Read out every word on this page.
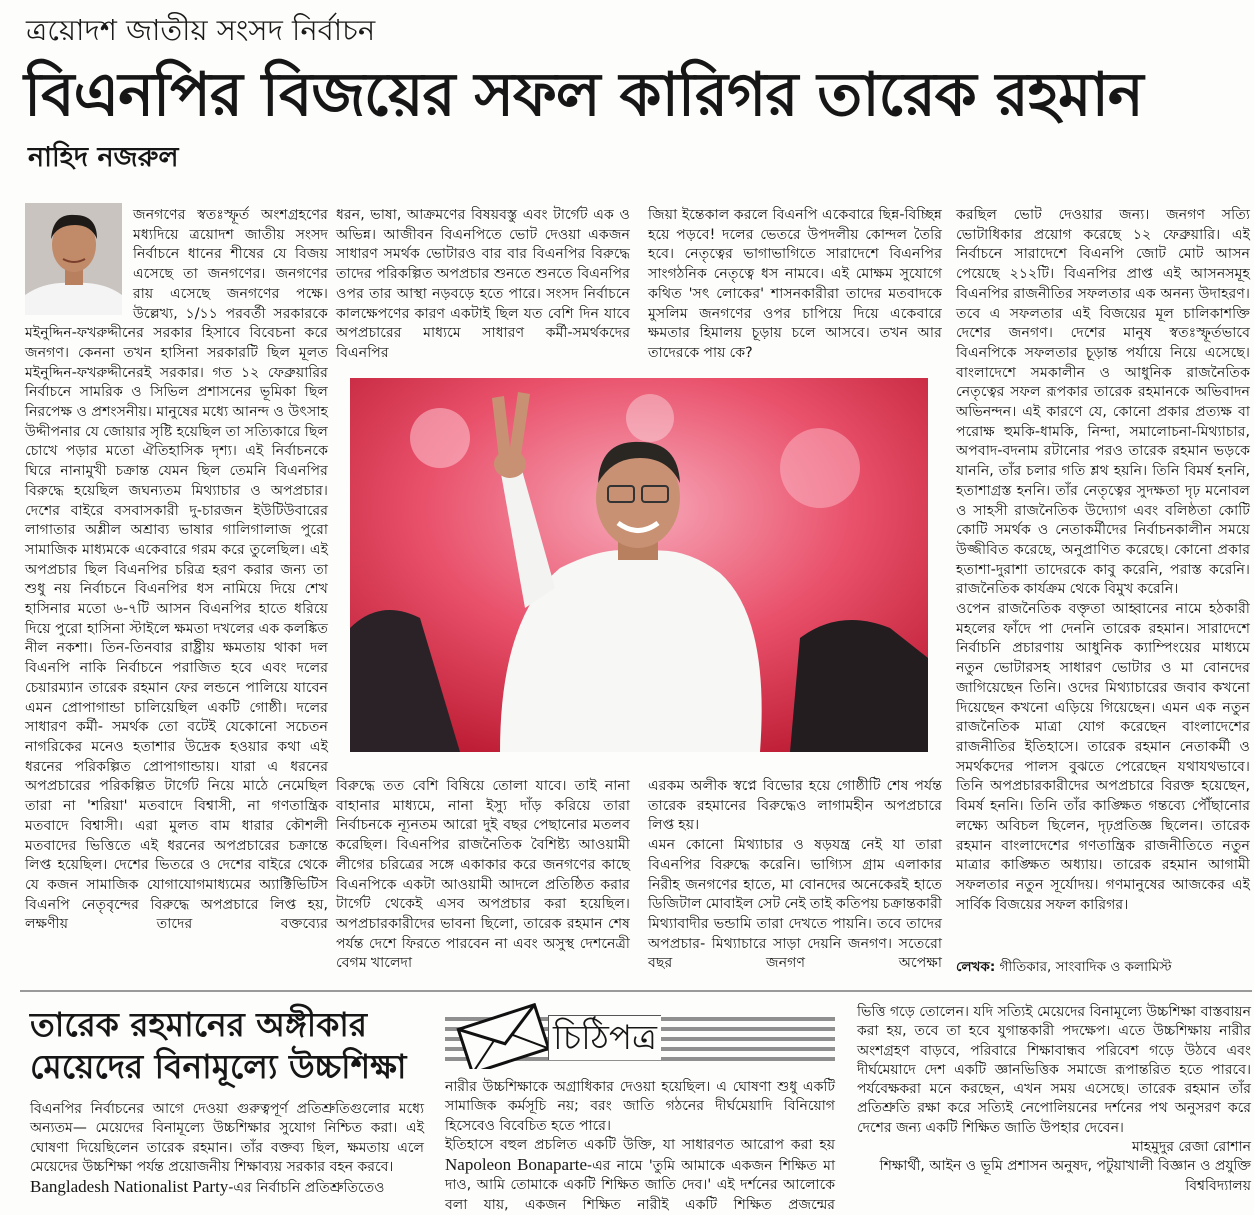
ত্রয়োদশ জাতীয় সংসদ নির্বাচন
বিএনপির বিজয়ের সফল কারিগর তারেক রহমান
নাহিদ নজরুল

জনগণের স্বতঃস্ফূর্ত অংশগ্রহণের মধ্যদিয়ে ত্রয়োদশ জাতীয় সংসদ নির্বাচনে ধানের শীষের যে বিজয় এসেছে তা জনগণের। জনগণের রায় এসেছে জনগণের পক্ষে। উল্লেখ্য, ১/১১ পরবর্তী সরকারকে মইনুদ্দিন-ফখরুদ্দীনের সরকার হিসাবে বিবেচনা করে জনগণ। কেননা তখন হাসিনা সরকারটি ছিল মূলত মইনুদ্দিন-ফখরুদ্দীনেরই সরকার। গত ১২ ফেব্রুয়ারির নির্বাচনে সামরিক ও সিভিল প্রশাসনের ভূমিকা ছিল নিরপেক্ষ ও প্রশংসনীয়। মানুষের মধ্যে আনন্দ ও উৎসাহ উদ্দীপনার যে জোয়ার সৃষ্টি হয়েছিল তা সত্যিকারে ছিল চোখে পড়ার মতো ঐতিহাসিক দৃশ্য। এই নির্বাচনকে ঘিরে নানামুখী চক্রান্ত যেমন ছিল তেমনি বিএনপির বিরুদ্ধে হয়েছিল জঘন্যতম মিথ্যাচার ও অপপ্রচার। দেশের বাইরে বসবাসকারী দু-চারজন ইউটিউবারের লাগাতার অশ্লীল অশ্রাব্য ভাষার গালিগালাজ পুরো সামাজিক মাধ্যমকে একেবারে গরম করে তুলেছিল। এই অপপ্রচার ছিল বিএনপির চরিত্র হরণ করার জন্য তা শুধু নয় নির্বাচনে বিএনপির ধস নামিয়ে দিয়ে শেখ হাসিনার মতো ৬-৭টি আসন বিএনপির হাতে ধরিয়ে দিয়ে পুরো হাসিনা স্টাইলে ক্ষমতা দখলের এক কলঙ্কিত নীল নকশা। তিন-তিনবার রাষ্ট্রীয় ক্ষমতায় থাকা দল বিএনপি নাকি নির্বাচনে পরাজিত হবে এবং দলের চেয়ারম্যান তারেক রহমান ফের লন্ডনে পালিয়ে যাবেন এমন প্রোপাগান্ডা চালিয়েছিল একটি গোষ্ঠী। দলের সাধারণ কর্মী- সমর্থক তো বটেই যেকোনো সচেতন নাগরিকের মনেও হতাশার উদ্রেক হওয়ার কথা এই ধরনের পরিকল্পিত প্রোপাগান্ডায়। যারা এ ধরনের অপপ্রচারের পরিকল্পিত টার্গেট নিয়ে মাঠে নেমেছিল তারা না 'শরিয়া' মতবাদে বিশ্বাসী, না গণতান্ত্রিক মতবাদে বিশ্বাসী। এরা মুলত বাম ধারার কৌশলী মতবাদের ভিত্তিতে এই ধরনের অপপ্রচারের চক্রান্তে লিপ্ত হয়েছিল। দেশের ভিতরে ও দেশের বাইরে থেকে যে কজন সামাজিক যোগাযোগমাধ্যমের অ্যাক্টিভিটিস বিএনপি নেতৃবৃন্দের বিরুদ্ধে অপপ্রচারে লিপ্ত হয়, লক্ষণীয় তাদের বক্তব্যের

ধরন, ভাষা, আক্রমণের বিষয়বস্তু এবং টার্গেট এক ও অভিন্ন। আজীবন বিএনপিতে ভোট দেওয়া একজন সাধারণ সমর্থক ভোটারও বার বার বিএনপির বিরুদ্ধে তাদের পরিকল্পিত অপপ্রচার শুনতে শুনতে বিএনপির ওপর তার আস্থা নড়বড়ে হতে পারে। সংসদ নির্বাচনে কালক্ষেপণের কারণ একটাই ছিল যত বেশি দিন যাবে অপপ্রচারের মাধ্যমে সাধারণ কর্মী-সমর্থকদের বিএনপির

জিয়া ইন্তেকাল করলে বিএনপি একেবারে ছিন্ন-বিচ্ছিন্ন হয়ে পড়বে! দলের ভেতরে উপদলীয় কোন্দল তৈরি হবে। নেতৃত্বের ভাগাভাগিতে সারাদেশে বিএনপির সাংগঠনিক নেতৃত্বে ধস নামবে। এই মোক্ষম সুযোগে কথিত 'সৎ লোকের' শাসনকারীরা তাদের মতবাদকে মুসলিম জনগণের ওপর চাপিয়ে দিয়ে একেবারে ক্ষমতার হিমালয় চূড়ায় চলে আসবে। তখন আর তাদেরকে পায় কে?

বিরুদ্ধে তত বেশি বিষিয়ে তোলা যাবে। তাই নানা বাহানার মাধ্যমে, নানা ইস্যু দাঁড় করিয়ে তারা নির্বাচনকে ন্যূনতম আরো দুই বছর পেছানোর মতলব করেছিল। বিএনপির রাজনৈতিক বৈশিষ্ট্য আওয়ামী লীগের চরিত্রের সঙ্গে একাকার করে জনগণের কাছে বিএনপিকে একটা আওয়ামী আদলে প্রতিষ্ঠিত করার টার্গেট থেকেই এসব অপপ্রচার করা হয়েছিল। অপপ্রচারকারীদের ভাবনা ছিলো, তারেক রহমান শেষ পর্যন্ত দেশে ফিরতে পারবেন না এবং অসুস্থ দেশনেত্রী বেগম খালেদা

এরকম অলীক স্বপ্নে বিভোর হয়ে গোষ্ঠীটি শেষ পর্যন্ত তারেক রহমানের বিরুদ্ধেও লাগামহীন অপপ্রচারে লিপ্ত হয়।

এমন কোনো মিথ্যাচার ও ষড়যন্ত্র নেই যা তারা বিএনপির বিরুদ্ধে করেনি। ভাগ্যিস গ্রাম এলাকার নিরীহ জনগণের হাতে, মা বোনদের অনেকেরই হাতে ডিজিটাল মোবাইল সেট নেই তাই কতিপয় চক্রান্তকারী মিথ্যাবাদীর ভন্ডামি তারা দেখতে পায়নি। তবে তাদের অপপ্রচার- মিথ্যাচারে সাড়া দেয়নি জনগণ। সতেরো বছর জনগণ অপেক্ষা

করছিল ভোট দেওয়ার জন্য। জনগণ সত্যি ভোটাধিকার প্রয়োগ করেছে ১২ ফেব্রুয়ারি। এই নির্বাচনে সারাদেশে বিএনপি জোট মোট আসন পেয়েছে ২১২টি। বিএনপির প্রাপ্ত এই আসনসমূহ বিএনপির রাজনীতির সফলতার এক অনন্য উদাহরণ। তবে এ সফলতার এই বিজয়ের মূল চালিকাশক্তি দেশের জনগণ। দেশের মানুষ স্বতঃস্ফূর্তভাবে বিএনপিকে সফলতার চূড়ান্ত পর্যায়ে নিয়ে এসেছে। বাংলাদেশে সমকালীন ও আধুনিক রাজনৈতিক নেতৃত্বের সফল রূপকার তারেক রহমানকে অভিবাদন অভিনন্দন। এই কারণে যে, কোনো প্রকার প্রত্যক্ষ বা পরোক্ষ হুমকি-ধামকি, নিন্দা, সমালোচনা-মিথ্যাচার, অপবাদ-বদনাম রটানোর পরও তারেক রহমান ভড়কে যাননি, তাঁর চলার গতি শ্লথ হয়নি। তিনি বিমর্ষ হননি, হতাশাগ্রস্ত হননি। তাঁর নেতৃত্বের সুদক্ষতা দৃঢ় মনোবল ও সাহসী রাজনৈতিক উদ্যোগ এবং বলিষ্ঠতা কোটি কোটি সমর্থক ও নেতাকর্মীদের নির্বাচনকালীন সময়ে উজ্জীবিত করেছে, অনুপ্রাণিত করেছে। কোনো প্রকার হতাশা-দুরাশা তাদেরকে কাবু করেনি, পরাস্ত করেনি। রাজনৈতিক কার্যক্রম থেকে বিমুখ করেনি।

ওপেন রাজনৈতিক বক্তৃতা আহ্বানের নামে হঠকারী মহলের ফাঁদে পা দেননি তারেক রহমান। সারাদেশে নির্বাচনি প্রচারণায় আধুনিক ক্যাম্পিংয়ের মাধ্যমে নতুন ভোটারসহ সাধারণ ভোটার ও মা বোনদের জাগিয়েছেন তিনি। ওদের মিথ্যাচারের জবাব কখনো দিয়েছেন কখনো এড়িয়ে গিয়েছেন। এমন এক নতুন রাজনৈতিক মাত্রা যোগ করেছেন বাংলাদেশের রাজনীতির ইতিহাসে। তারেক রহমান নেতাকর্মী ও সমর্থকদের পালস বুঝতে পেরেছেন যথাযথভাবে। তিনি অপপ্রচারকারীদের অপপ্রচারে বিরক্ত হয়েছেন, বিমর্ষ হননি। তিনি তাঁর কাঙ্ক্ষিত গন্তব্যে পৌঁছানোর লক্ষ্যে অবিচল ছিলেন, দৃঢ়প্রতিজ্ঞ ছিলেন। তারেক রহমান বাংলাদেশের গণতান্ত্রিক রাজনীতিতে নতুন মাত্রার কাঙ্ক্ষিত অধ্যায়। তারেক রহমান আগামী সফলতার নতুন সূর্যোদয়। গণমানুষের আজকের এই সার্বিক বিজয়ের সফল কারিগর।

লেখক: গীতিকার, সাংবাদিক ও কলামিস্ট
তারেক রহমানের অঙ্গীকার
মেয়েদের বিনামূল্যে উচ্চশিক্ষা

বিএনপির নির্বাচনের আগে দেওয়া গুরুত্বপূর্ণ প্রতিশ্রুতিগুলোর মধ্যে অন্যতম— মেয়েদের বিনামূল্যে উচ্চশিক্ষার সুযোগ নিশ্চিত করা। এই ঘোষণা দিয়েছিলেন তারেক রহমান। তাঁর বক্তব্য ছিল, ক্ষমতায় এলে মেয়েদের উচ্চশিক্ষা পর্যন্ত প্রয়োজনীয় শিক্ষাব্যয় সরকার বহন করবে।

Bangladesh Nationalist Party-এর নির্বাচনি প্রতিশ্রুতিতেও

চিঠিপত্র

নারীর উচ্চশিক্ষাকে অগ্রাধিকার দেওয়া হয়েছিল। এ ঘোষণা শুধু একটি সামাজিক কর্মসূচি নয়; বরং জাতি গঠনের দীর্ঘমেয়াদি বিনিয়োগ হিসেবেও বিবেচিত হতে পারে।

ইতিহাসে বহুল প্রচলিত একটি উক্তি, যা সাধারণত আরোপ করা হয় Napoleon Bonaparte-এর নামে 'তুমি আমাকে একজন শিক্ষিত মা দাও, আমি তোমাকে একটি শিক্ষিত জাতি দেব।' এই দর্শনের আলোকে বলা যায়, একজন শিক্ষিত নারীই একটি শিক্ষিত প্রজন্মের

ভিত্তি গড়ে তোলেন। যদি সত্যিই মেয়েদের বিনামূল্যে উচ্চশিক্ষা বাস্তবায়ন করা হয়, তবে তা হবে যুগান্তকারী পদক্ষেপ। এতে উচ্চশিক্ষায় নারীর অংশগ্রহণ বাড়বে, পরিবারে শিক্ষাবান্ধব পরিবেশ গড়ে উঠবে এবং দীর্ঘমেয়াদে দেশ একটি জ্ঞানভিত্তিক সমাজে রূপান্তরিত হতে পারবে। পর্যবেক্ষকরা মনে করছেন, এখন সময় এসেছে। তারেক রহমান তাঁর প্রতিশ্রুতি রক্ষা করে সত্যিই নেপোলিয়নের দর্শনের পথ অনুসরণ করে দেশের জন্য একটি শিক্ষিত জাতি উপহার দেবেন।

মাহমুদুর রেজা রোশান

শিক্ষার্থী, আইন ও ভূমি প্রশাসন অনুষদ, পটুয়াখালী বিজ্ঞান ও প্রযুক্তি বিশ্ববিদ্যালয়
